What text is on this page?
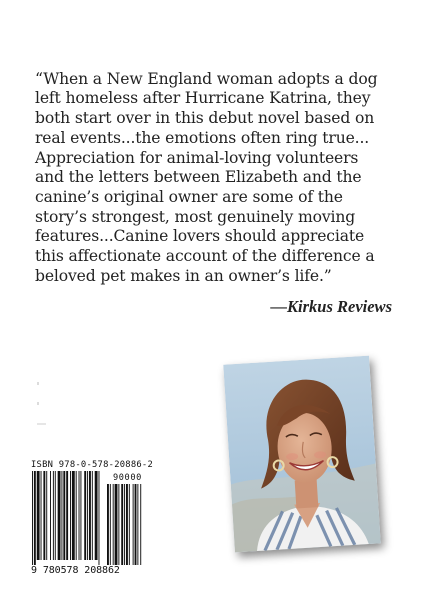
“When a New England woman adopts a dog
left homeless after Hurricane Katrina, they
both start over in this debut novel based on
real events...the emotions often ring true...
Appreciation for animal-loving volunteers
and the letters between Elizabeth and the
canine’s original owner are some of the
story’s strongest, most genuinely moving
features...Canine lovers should appreciate
this affectionate account of the difference a
beloved pet makes in an owner’s life.”

—Kirkus Reviews
ISBN 978-0-578-20886-2
90000
9 780578 208862
